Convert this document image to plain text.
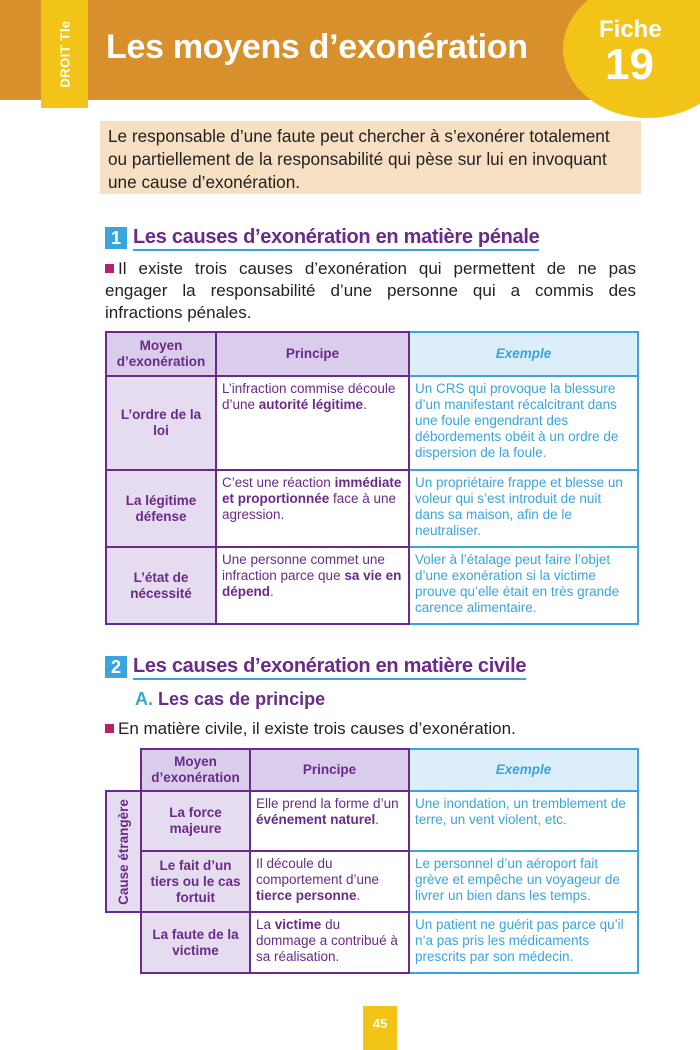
Les moyens d’exonération
DROIT Tle	Fiche
19
Le responsable d’une faute peut chercher à s’exonérer totalement ou partiellement de la responsabilité qui pèse sur lui en invoquant une cause d’exonération.
1 Les causes d’exonération en matière pénale
Il existe trois causes d’exonération qui permettent de ne pas engager la responsabilité d’une personne qui a commis des infractions pénales.
Moyen d’exonération	Principe	Exemple
L’ordre de la loi	L’infraction commise découle d’une autorité légitime.	Un CRS qui provoque la blessure d’un manifestant récalcitrant dans une foule engendrant des débordements obéit à un ordre de dispersion de la foule.
La légitime défense	C’est une réaction immédiate et proportionnée face à une agression.	Un propriétaire frappe et blesse un voleur qui s’est introduit de nuit dans sa maison, afin de le neutraliser.
L’état de nécessité	Une personne commet une infraction parce que sa vie en dépend.	Voler à l’étalage peut faire l’objet d’une exonération si la victime prouve qu’elle était en très grande carence alimentaire.
2 Les causes d’exonération en matière civile
A. Les cas de principe
En matière civile, il existe trois causes d’exonération.
	Moyen d’exonération	Principe	Exemple

Cause étrangère	La force majeure	Elle prend la forme d’un événement naturel.	Une inondation, un tremblement de terre, un vent violent, etc.
	Le fait d’un tiers ou le cas fortuit	Il découle du comportement d’une tierce personne.	Le personnel d’un aéroport fait grève et empêche un voyageur de livrer un bien dans les temps.
	La faute de la victime	La victime du dommage a contribué à sa réalisation.	Un patient ne guérit pas parce qu’il n’a pas pris les médicaments prescrits par son médecin.
45
